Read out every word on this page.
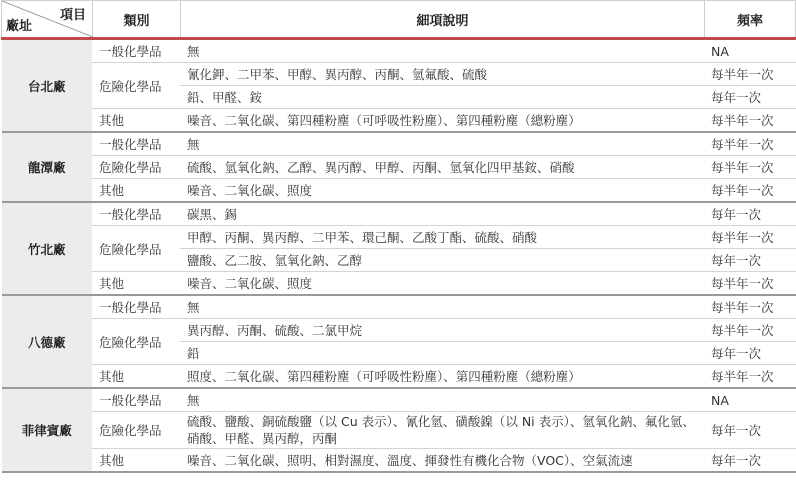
項目
廠址	類別	細項說明	頻率
台北廠	一般化學品	無	NA
	危險化學品	氰化鉀、二甲苯、甲醇、異丙醇、丙酮、氫氟酸、硫酸	每半年一次
		鉛、甲醛、銨	每年一次
	其他	噪音、二氧化碳、第四種粉塵（可呼吸性粉塵）、第四種粉塵（總粉塵）	每半年一次
龍潭廠	一般化學品	無	每半年一次
	危險化學品	硫酸、氫氧化鈉、乙醇、異丙醇、甲醇、丙酮、氫氧化四甲基銨、硝酸	每半年一次
	其他	噪音、二氧化碳、照度	每半年一次
竹北廠	一般化學品	碳黑、錫	每年一次
	危險化學品	甲醇、丙酮、異丙醇、二甲苯、環己酮、乙酸丁酯、硫酸、硝酸	每半年一次
		鹽酸、乙二胺、氫氧化鈉、乙醇	每年一次
	其他	噪音、二氧化碳、照度	每半年一次
八德廠	一般化學品	無	每半年一次
	危險化學品	異丙醇、丙酮、硫酸、二氯甲烷	每半年一次
		鉛	每年一次
	其他	照度、二氧化碳、第四種粉塵（可呼吸性粉塵）、第四種粉塵（總粉塵）	每半年一次
菲律賓廠	一般化學品	無	NA
	危險化學品	硫酸、鹽酸、銅硫酸鹽（以 Cu 表示）、氰化氫、磺酸鎳（以 Ni 表示）、氫氧化鈉、氟化氫、硝酸、甲醛、異丙醇，丙酮	每年一次
	其他	噪音、二氧化碳、照明、相對濕度、溫度、揮發性有機化合物（VOC）、空氣流速	每年一次
